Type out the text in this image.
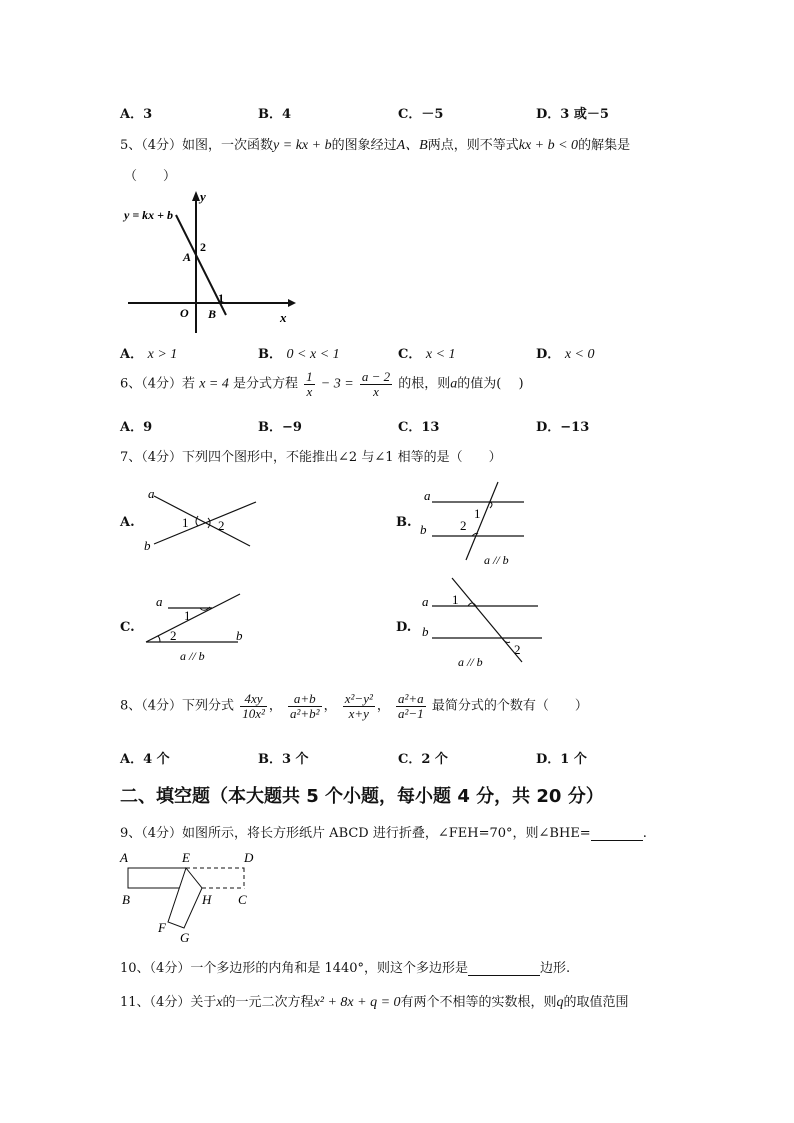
A．3	B．4	C．－5	D．3 或－5
5、（4分）如图，一次函数y = kx + b的图象经过A、B两点，则不等式kx + b < 0的解集是
（　　）
y = kx + b
y
x
O
A
2
B
1
A． x > 1	B． 0 < x < 1	C． x < 1	D． x < 0
6、（4分）若 x = 4 是分式方程 $\frac{1}{x} - 3 = \frac{a - 2}{x}$ 的根，则a的值为(　 )
A．9	B．−9	C．13	D．−13
7、（4分）下列四个图形中，不能推出∠2 与∠1 相等的是（　　）
A.
a
b
1 2	B.
a
b
1
2
a // b
C.
a
b
1
2
a // b
D.
a
b
1
2
a // b
8、（4分）下列分式 $\frac{4xy}{\text{10x²}}$ ， $\frac{a+b}{\text{a²+b²}}$ ， $\frac{\text{x²−y²}}{x+y}$ ， $\frac{\text{a²+a}}{\text{a²−1}}$ 最简分式的个数有（　　）
A．4 个	B．3 个	C．2 个	D．1 个
二、填空题（本大题共 5 个小题，每小题 4 分，共 20 分）
9、（4分）如图所示，将长方形纸片 ABCD 进行折叠，∠FEH=70°，则∠BHE=	.
A	E	D
B	H C
F
G
10、（4分）一个多边形的内角和是 1440°，则这个多边形是	边形.
11、（4分）关于x的一元二次方程x² + 8x + q = 0有两个不相等的实数根，则q的取值范围
